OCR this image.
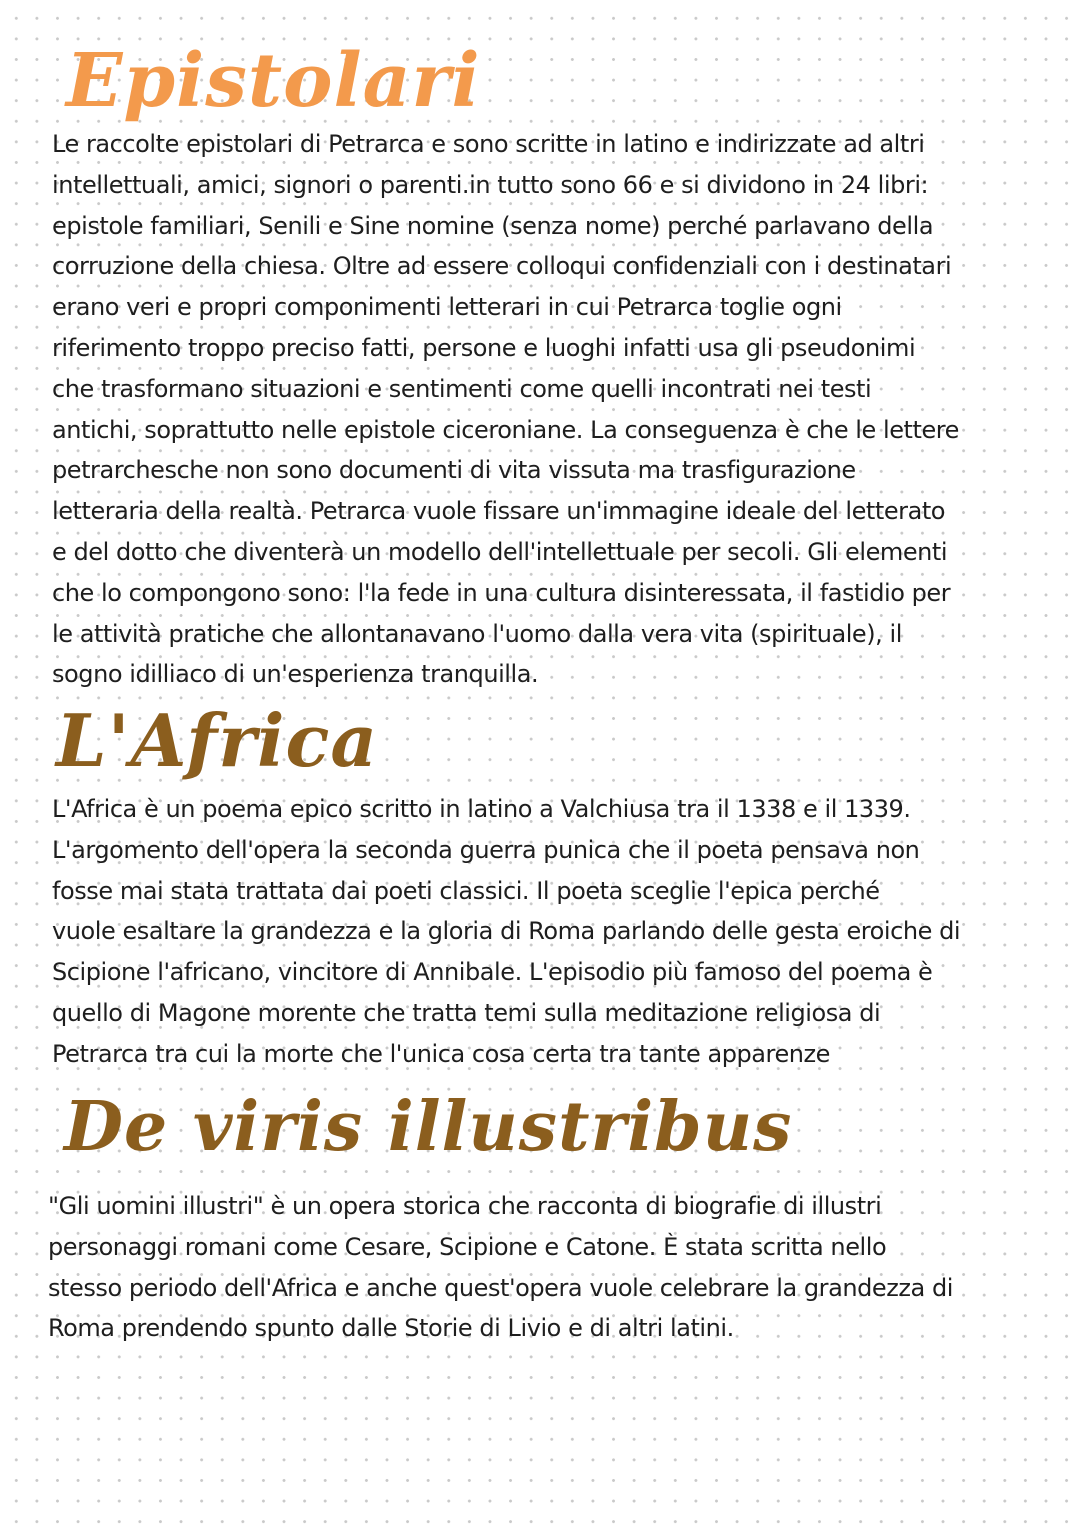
Epistolari
Le raccolte epistolari di Petrarca e sono scritte in latino e indirizzate ad altri
intellettuali, amici, signori o parenti.in tutto sono 66 e si dividono in 24 libri:
epistole familiari, Senili e Sine nomine (senza nome) perché parlavano della
corruzione della chiesa. Oltre ad essere colloqui confidenziali con i destinatari
erano veri e propri componimenti letterari in cui Petrarca toglie ogni
riferimento troppo preciso fatti, persone e luoghi infatti usa gli pseudonimi
che trasformano situazioni e sentimenti come quelli incontrati nei testi
antichi, soprattutto nelle epistole ciceroniane. La conseguenza è che le lettere
petrarchesche non sono documenti di vita vissuta ma trasfigurazione
letteraria della realtà. Petrarca vuole fissare un'immagine ideale del letterato
e del dotto che diventerà un modello dell'intellettuale per secoli. Gli elementi
che lo compongono sono: l'la fede in una cultura disinteressata, il fastidio per
le attività pratiche che allontanavano l'uomo dalla vera vita (spirituale), il
sogno idilliaco di un'esperienza tranquilla.
L'Africa
L'Africa è un poema epico scritto in latino a Valchiusa tra il 1338 e il 1339.
L'argomento dell'opera la seconda guerra punica che il poeta pensava non
fosse mai stata trattata dai poeti classici. Il poeta sceglie l'epica perché
vuole esaltare la grandezza e la gloria di Roma parlando delle gesta eroiche di
Scipione l'africano, vincitore di Annibale. L'episodio più famoso del poema è
quello di Magone morente che tratta temi sulla meditazione religiosa di
Petrarca tra cui la morte che l'unica cosa certa tra tante apparenze
De viris illustribus
"Gli uomini illustri" è un opera storica che racconta di biografie di illustri
personaggi romani come Cesare, Scipione e Catone. È stata scritta nello
stesso periodo dell'Africa e anche quest'opera vuole celebrare la grandezza di
Roma prendendo spunto dalle Storie di Livio e di altri latini.
